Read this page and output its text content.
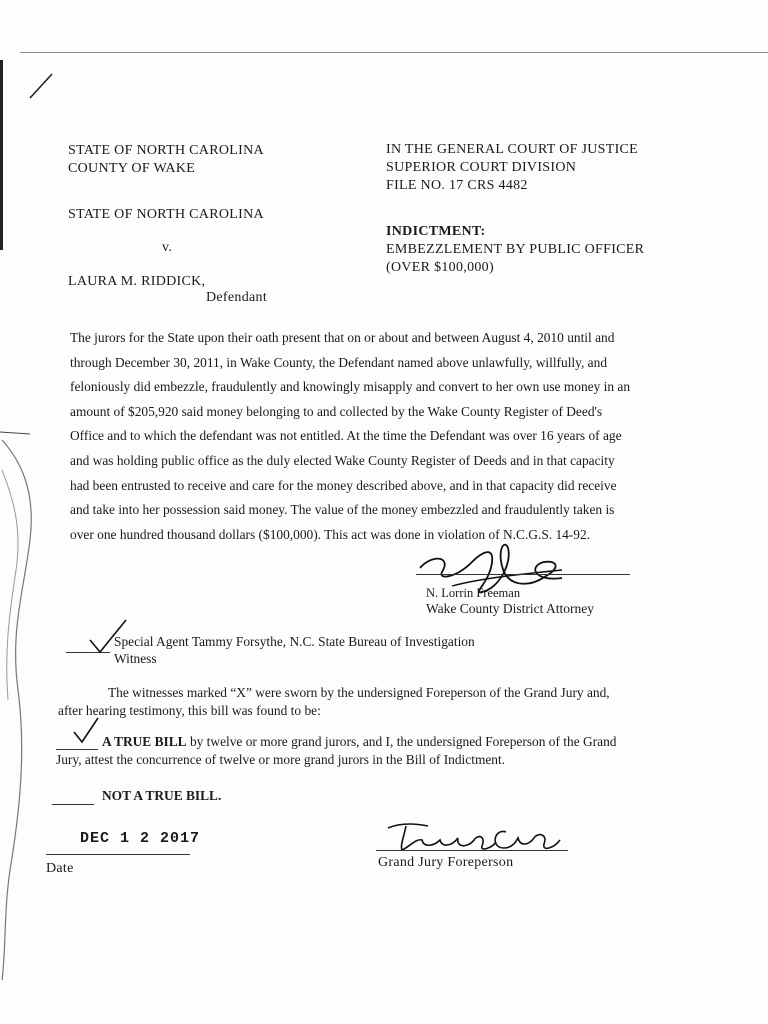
STATE OF NORTH CAROLINA
COUNTY OF WAKE
IN THE GENERAL COURT OF JUSTICE
SUPERIOR COURT DIVISION
FILE NO. 17 CRS 4482
STATE OF NORTH CAROLINA
v.
LAURA M. RIDDICK,
Defendant
INDICTMENT:
EMBEZZLEMENT BY PUBLIC OFFICER
(OVER $100,000)
The jurors for the State upon their oath present that on or about and between August 4, 2010 until and
through December 30, 2011, in Wake County, the Defendant named above unlawfully, willfully, and
feloniously did embezzle, fraudulently and knowingly misapply and convert to her own use money in an
amount of $205,920 said money belonging to and collected by the Wake County Register of Deed's
Office and to which the defendant was not entitled. At the time the Defendant was over 16 years of age
and was holding public office as the duly elected Wake County Register of Deeds and in that capacity
had been entrusted to receive and care for the money described above, and in that capacity did receive
and take into her possession said money. The value of the money embezzled and fraudulently taken is
over one hundred thousand dollars ($100,000). This act was done in violation of N.C.G.S. 14-92.
N. Lorrin Freeman
Wake County District Attorney
Special Agent Tammy Forsythe, N.C. State Bureau of Investigation
Witness
The witnesses marked “X” were sworn by the undersigned Foreperson of the Grand Jury and,
after hearing testimony, this bill was found to be:
A TRUE BILL by twelve or more grand jurors, and I, the undersigned Foreperson of the Grand
Jury, attest the concurrence of twelve or more grand jurors in the Bill of Indictment.
NOT A TRUE BILL.
DEC 1 2 2017
Date	Grand Jury Foreperson
